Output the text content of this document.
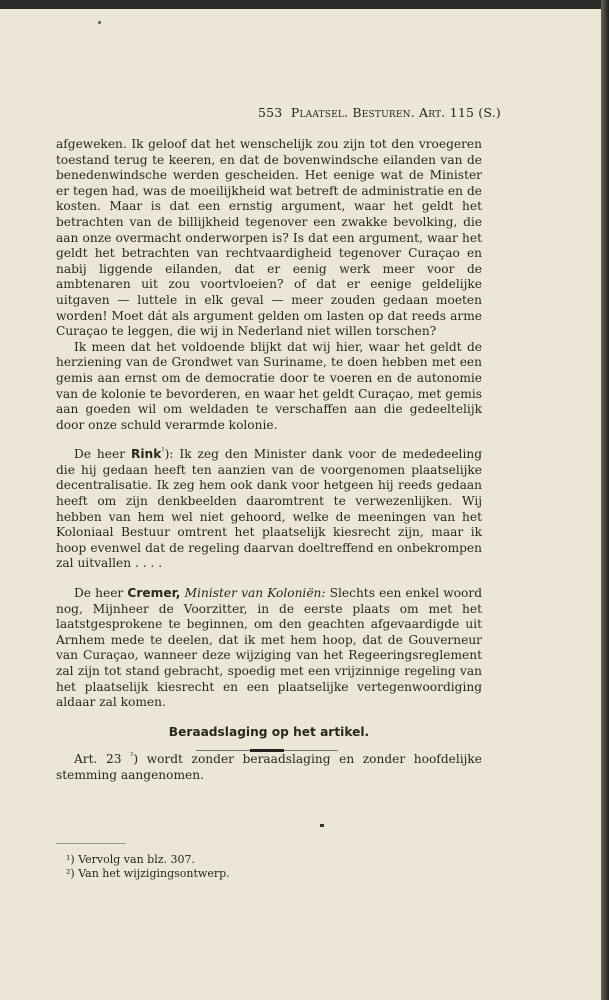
553 Plaatsel. Besturen. Art. 115 (S.)

afgeweken. Ik geloof dat het wenschelijk zou zijn tot den vroegeren toestand terug te keeren, en dat de bovenwindsche eilanden van de benedenwindsche werden gescheiden. Het eenige wat de Minister er tegen had, was de moeilijkheid wat betreft de administratie en de kosten. Maar is dat een ernstig argument, waar het geldt het betrachten van de billijkheid tegenover een zwakke bevolking, die aan onze overmacht onderworpen is? Is dat een argument, waar het geldt het betrachten van rechtvaardigheid tegenover Curaçao en nabij liggende eilanden, dat er eenig werk meer voor de ambtenaren uit zou voortvloeien? of dat er eenige geldelijke uitgaven — luttele in elk geval — meer zouden gedaan moeten worden! Moet dát als argument gelden om lasten op dat reeds arme Curaçao te leggen, die wij in Nederland niet willen torschen?

Ik meen dat het voldoende blijkt dat wij hier, waar het geldt de herziening van de Grondwet van Suriname, te doen hebben met een gemis aan ernst om de democratie door te voeren en de autonomie van de kolonie te bevorderen, en waar het geldt Curaçao, met gemis aan goeden wil om weldaden te verschaffen aan die gedeeltelijk door onze schuld verarmde kolonie.

De heer Rink$^{^1}$): Ik zeg den Minister dank voor de mededeeling die hij gedaan heeft ten aanzien van de voorgenomen plaatselijke decentralisatie. Ik zeg hem ook dank voor hetgeen hij reeds gedaan heeft om zijn denkbeelden daaromtrent te verwezenlijken. Wij hebben van hem wel niet gehoord, welke de meeningen van het Koloniaal Bestuur omtrent het plaatselijk kiesrecht zijn, maar ik hoop evenwel dat de regeling daarvan doeltreffend en onbekrompen zal uitvallen . . . .

De heer Cremer, Minister van Koloniën: Slechts een enkel woord nog, Mijnheer de Voorzitter, in de eerste plaats om met het laatstgesprokene te beginnen, om den geachten afgevaardigde uit Arnhem mede te deelen, dat ik met hem hoop, dat de Gouverneur van Curaçao, wanneer deze wijziging van het Regeeringsreglement zal zijn tot stand gebracht, spoedig met een vrijzinnige regeling van het plaatselijk kiesrecht en een plaatselijke vertegenwoordiging aldaar zal komen.

Beraadslaging op het artikel.

Art. 23 $^{^2}$) wordt zonder beraadslaging en zonder hoofdelijke stemming aangenomen.

¹) Vervolg van blz. 307.
²) Van het wijzigingsontwerp.
